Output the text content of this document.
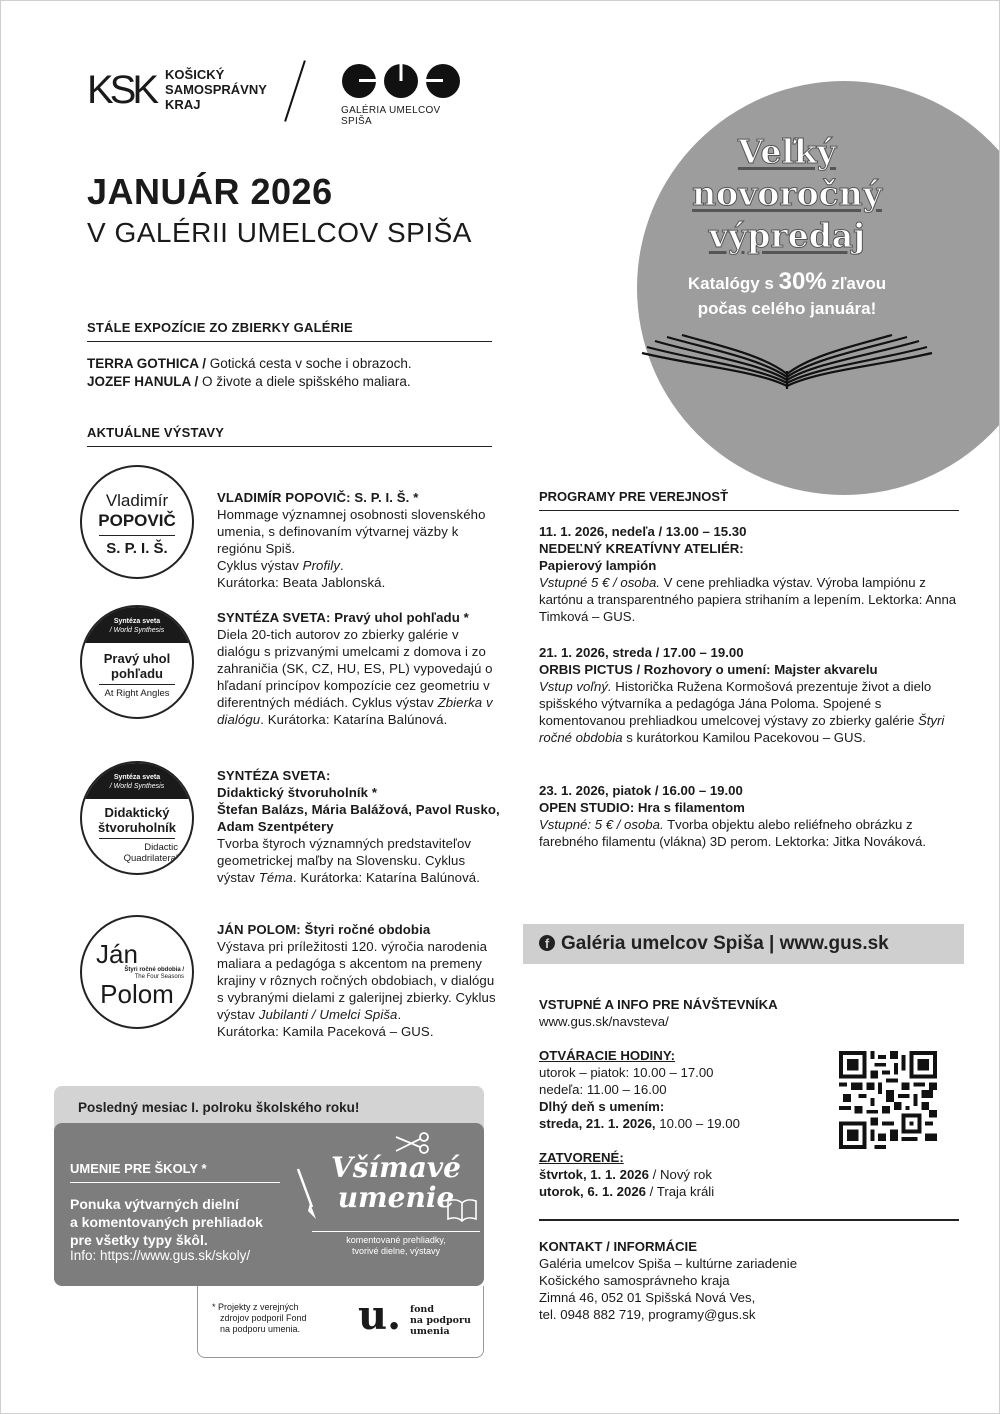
KSK KOŠICKÝ
SAMOSPRÁVNY
KRAJ	GALÉRIA UMELCOV SPIŠA
JANUÁR 2026
V GALÉRII UMELCOV SPIŠA
Veľký
novoročný
výpredaj
Katalógy s 30% zľavou
počas celého januára!
STÁLE EXPOZÍCIE ZO ZBIERKY GALÉRIE
TERRA GOTHICA / Gotická cesta v soche i obrazoch.
JOZEF HANULA / O živote a diele spišského maliara.
AKTUÁLNE VÝSTAVY
Vladimír
POPOVIČ
S. P. I. Š.
VLADIMÍR POPOVIČ: S. P. I. Š. *
Hommage významnej osobnosti slovenského umenia, s definovaním výtvarnej väzby k regiónu Spiš.
Cyklus výstav Profily.
Kurátorka: Beata Jablonská.
Syntéza sveta
/ World Synthesis
Pravý uhol
pohľadu
At Right Angles
SYNTÉZA SVETA: Pravý uhol pohľadu *
Diela 20-tich autorov zo zbierky galérie v dialógu s prizvanými umelcami z domova i zo zahraničia (SK, CZ, HU, ES, PL) vypovedajú o hľadaní princípov kompozície cez geometriu v diferentných médiách. Cyklus výstav Zbierka v dialógu. Kurátorka: Katarína Balúnová.
Syntéza sveta
/ World Synthesis
Didaktický
štvoruholník
Didactic
Quadrilateral
SYNTÉZA SVETA:
Didaktický štvoruholník *
Štefan Balázs, Mária Balážová, Pavol Rusko, Adam Szentpétery
Tvorba štyroch významných predstaviteľov geometrickej maľby na Slovensku. Cyklus výstav Téma. Kurátorka: Katarína Balúnová.
Ján
Štyri ročné obdobia /
The Four Seasons
Polom
JÁN POLOM: Štyri ročné obdobia
Výstava pri príležitosti 120. výročia narodenia maliara a pedagóga s akcentom na premeny krajiny v rôznych ročných obdobiach, v dialógu s vybranými dielami z galerijnej zbierky. Cyklus výstav Jubilanti / Umelci Spiša.
Kurátorka: Kamila Paceková – GUS.
PROGRAMY PRE VEREJNOSŤ
11. 1. 2026, nedeľa / 13.00 – 15.30
NEDEĽNÝ KREATÍVNY ATELIÉR:
Papierový lampión
Vstupné 5 € / osoba. V cene prehliadka výstav. Výroba lampiónu z kartónu a transparentného papiera strihaním a lepením. Lektorka: Anna Timková – GUS.
21. 1. 2026, streda / 17.00 – 19.00
ORBIS PICTUS / Rozhovory o umení: Majster akvarelu
Vstup voľný. Historička Ružena Kormošová prezentuje život a dielo spišského výtvarníka a pedagóga Jána Poloma. Spojené s komentovanou prehliadkou umelcovej výstavy zo zbierky galérie Štyri ročné obdobia s kurátorkou Kamilou Pacekovou – GUS.
23. 1. 2026, piatok / 16.00 – 19.00
OPEN STUDIO: Hra s filamentom
Vstupné: 5 € / osoba. Tvorba objektu alebo reliéfneho obrázku z farebného filamentu (vlákna) 3D perom. Lektorka: Jitka Nováková.
f Galéria umelcov Spiša | www.gus.sk
VSTUPNÉ A INFO PRE NÁVŠTEVNÍKA
www.gus.sk/navsteva/
OTVÁRACIE HODINY:
utorok – piatok: 10.00 – 17.00
nedeľa: 11.00 – 16.00
Dlhý deň s umením:
streda, 21. 1. 2026, 10.00 – 19.00
ZATVORENÉ:
štvrtok, 1. 1. 2026 / Nový rok
utorok, 6. 1. 2026 / Traja králi
KONTAKT / INFORMÁCIE
Galéria umelcov Spiša – kultúrne zariadenie
Košického samosprávneho kraja
Zimná 46, 052 01 Spišská Nová Ves,
tel. 0948 882 719, programy@gus.sk
Posledný mesiac I. polroku školského roku!
UMENIE PRE ŠKOLY *
Ponuka výtvarných dielní
a komentovaných prehliadok
pre všetky typy škôl.
Info: https://www.gus.sk/skoly/
Všímavé
umenie
komentované prehliadky,
tvorivé dielne, výstavy
* Projekty z verejných
zdrojov podporil Fond
na podporu umenia.	u. fond
na podporu
umenia
